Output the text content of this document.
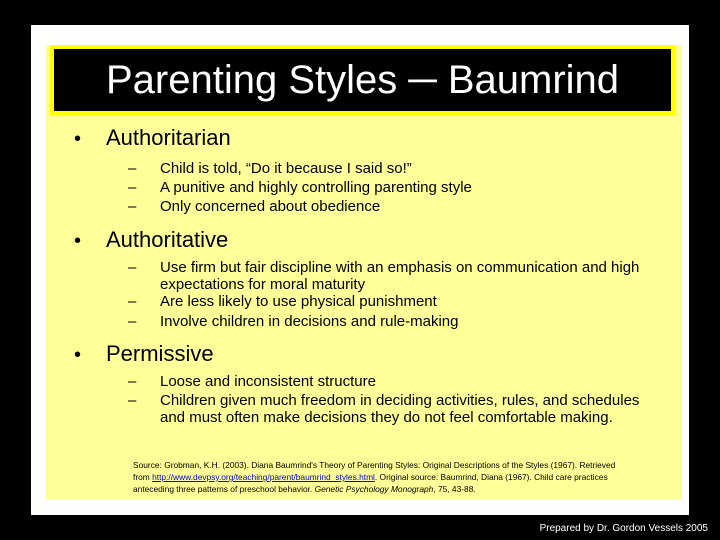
Parenting Styles ─ Baumrind
•	Authoritarian
–	Child is told, “Do it because I said so!”
–	A punitive and highly controlling parenting style
–	Only concerned about obedience
•	Authoritative
–	Use firm but fair discipline with an emphasis on communication and high expectations for moral maturity
–	Are less likely to use physical punishment
–	Involve children in decisions and rule-making
•	Permissive
–	Loose and inconsistent structure
–	Children given much freedom in deciding activities, rules, and schedules and must often make decisions they do not feel comfortable making.
Source: Grobman, K.H. (2003). Diana Baumrind's Theory of Parenting Styles: Original Descriptions of the Styles (1967). Retrieved from http://www.devpsy.org/teaching/parent/baumrind_styles.html. Original source: Baumrind, Diana (1967). Child care practices anteceding three patterns of preschool behavior. Genetic Psychology Monograph, 75, 43-88.
Prepared by Dr. Gordon Vessels 2005
